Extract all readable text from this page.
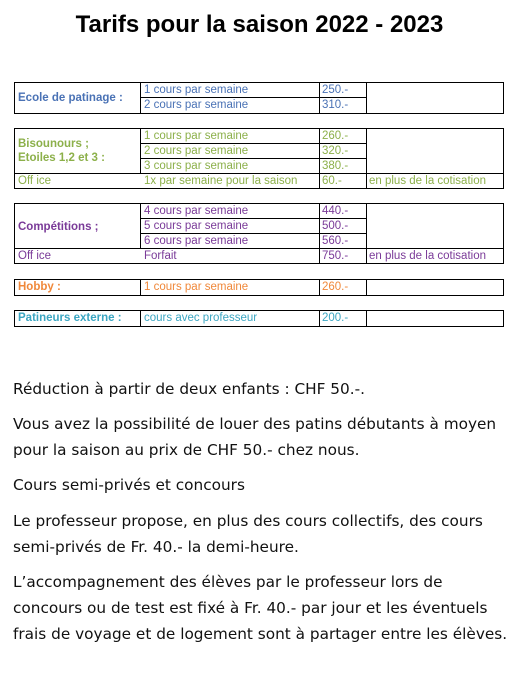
Tarifs pour la saison 2022 - 2023
Ecole de patinage :
1 cours par semaine	250.-
2 cours par semaine	310.-
Bisounours ;
Etoiles 1,2 et 3 :
1 cours par semaine	260.-
2 cours par semaine	320.-
3 cours par semaine	380.-
Off ice	1x par semaine pour la saison 60.- en plus de la cotisation
Compétitions ;
4 cours par semaine	440.-
5 cours par semaine	500.-
6 cours par semaine	560.-
Off ice	Forfait	750.- en plus de la cotisation
Hobby :	1 cours par semaine	260.-
Patineurs externe : cours avec professeur	200.-
Réduction à partir de deux enfants : CHF 50.-.
Vous avez la possibilité de louer des patins débutants à moyen pour la saison au prix de CHF 50.- chez nous.
Cours semi-privés et concours
Le professeur propose, en plus des cours collectifs, des cours semi-privés de Fr. 40.- la demi-heure.
L’accompagnement des élèves par le professeur lors de concours ou de test est fixé à Fr. 40.- par jour et les éventuels frais de voyage et de logement sont à partager entre les élèves.
